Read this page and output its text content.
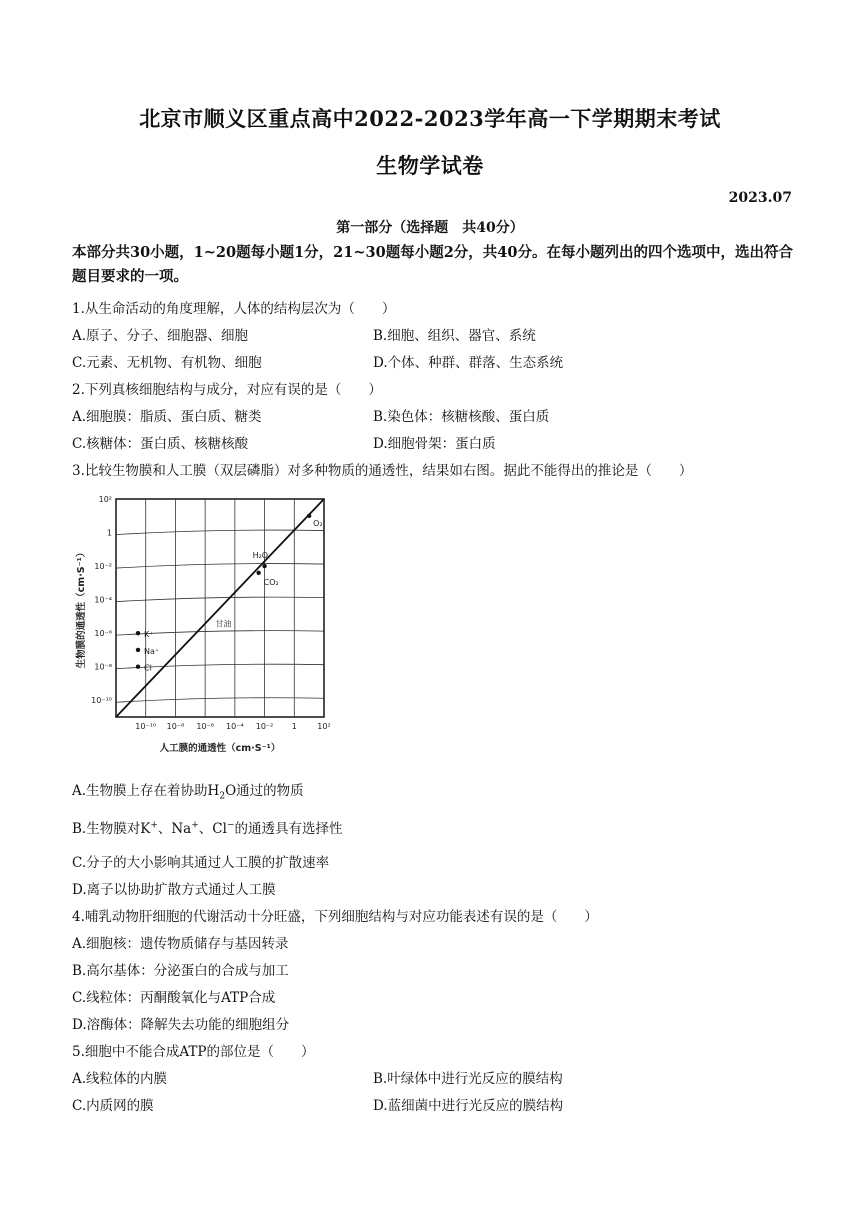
北京市顺义区重点高中2022-2023学年高一下学期期末考试
生物学试卷
2023.07
第一部分（选择题　共40分）
本部分共30小题，1~20题每小题1分，21~30题每小题2分，共40分。在每小题列出的四个选项中，选出符合题目要求的一项。
1.从生命活动的角度理解，人体的结构层次为（　　）
A.原子、分子、细胞器、细胞	B.细胞、组织、器官、系统
C.元素、无机物、有机物、细胞	D.个体、种群、群落、生态系统
2.下列真核细胞结构与成分，对应有误的是（　　）
A.细胞膜：脂质、蛋白质、糖类	B.染色体：核糖核酸、蛋白质
C.核糖体：蛋白质、核糖核酸	D.细胞骨架：蛋白质
3.比较生物膜和人工膜（双层磷脂）对多种物质的通透性，结果如右图。据此不能得出的推论是（　　）
10²
1
10⁻²
10⁻⁴
10⁻⁶
10⁻⁸
10⁻¹⁰
10⁻¹⁰ 10⁻⁸ 10⁻⁶ 10⁻⁴ 10⁻² 1	10²
人工膜的通透性（cm·S⁻¹）
生物膜的通透性（cm·S⁻¹）	甘油
O₂
H₂O
CO₂
K⁺
Na⁺
Cl⁻
A.生物膜上存在着协助$H_2O$通过的物质
B.生物膜对K+、Na+、Cl−的通透具有选择性
C.分子的大小影响其通过人工膜的扩散速率
D.离子以协助扩散方式通过人工膜
4.哺乳动物肝细胞的代谢活动十分旺盛，下列细胞结构与对应功能表述有误的是（　　）
A.细胞核：遗传物质储存与基因转录
B.高尔基体：分泌蛋白的合成与加工
C.线粒体：丙酮酸氧化与ATP合成
D.溶酶体：降解失去功能的细胞组分
5.细胞中不能合成ATP的部位是（　　）
A.线粒体的内膜	B.叶绿体中进行光反应的膜结构
C.内质网的膜	D.蓝细菌中进行光反应的膜结构
